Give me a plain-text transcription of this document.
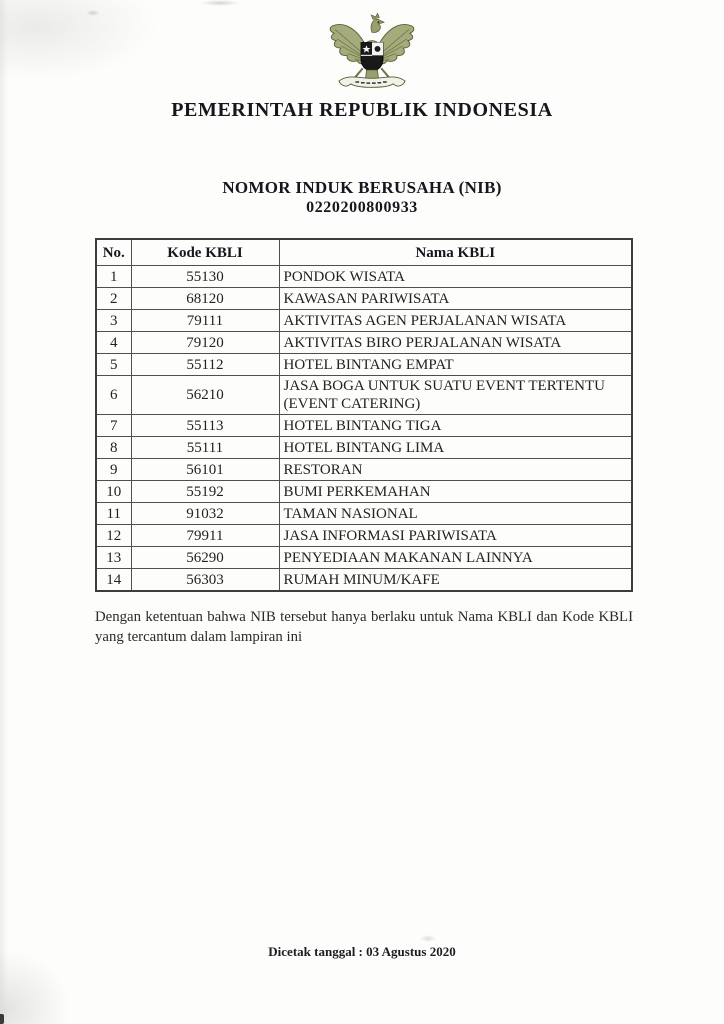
PEMERINTAH REPUBLIK INDONESIA
NOMOR INDUK BERUSAHA (NIB)
0220200800933
No.	Kode KBLI	Nama KBLI
1	55130	PONDOK WISATA
2	68120	KAWASAN PARIWISATA
3	79111	AKTIVITAS AGEN PERJALANAN WISATA
4	79120	AKTIVITAS BIRO PERJALANAN WISATA
5	55112	HOTEL BINTANG EMPAT
6	56210	JASA BOGA UNTUK SUATU EVENT TERTENTU (EVENT CATERING)
7	55113	HOTEL BINTANG TIGA
8	55111	HOTEL BINTANG LIMA
9	56101	RESTORAN
10	55192	BUMI PERKEMAHAN
11	91032	TAMAN NASIONAL
12	79911	JASA INFORMASI PARIWISATA
13	56290	PENYEDIAAN MAKANAN LAINNYA
14	56303	RUMAH MINUM/KAFE
Dengan ketentuan bahwa NIB tersebut hanya berlaku untuk Nama KBLI dan Kode KBLI yang tercantum dalam lampiran ini
Dicetak tanggal : 03 Agustus 2020
